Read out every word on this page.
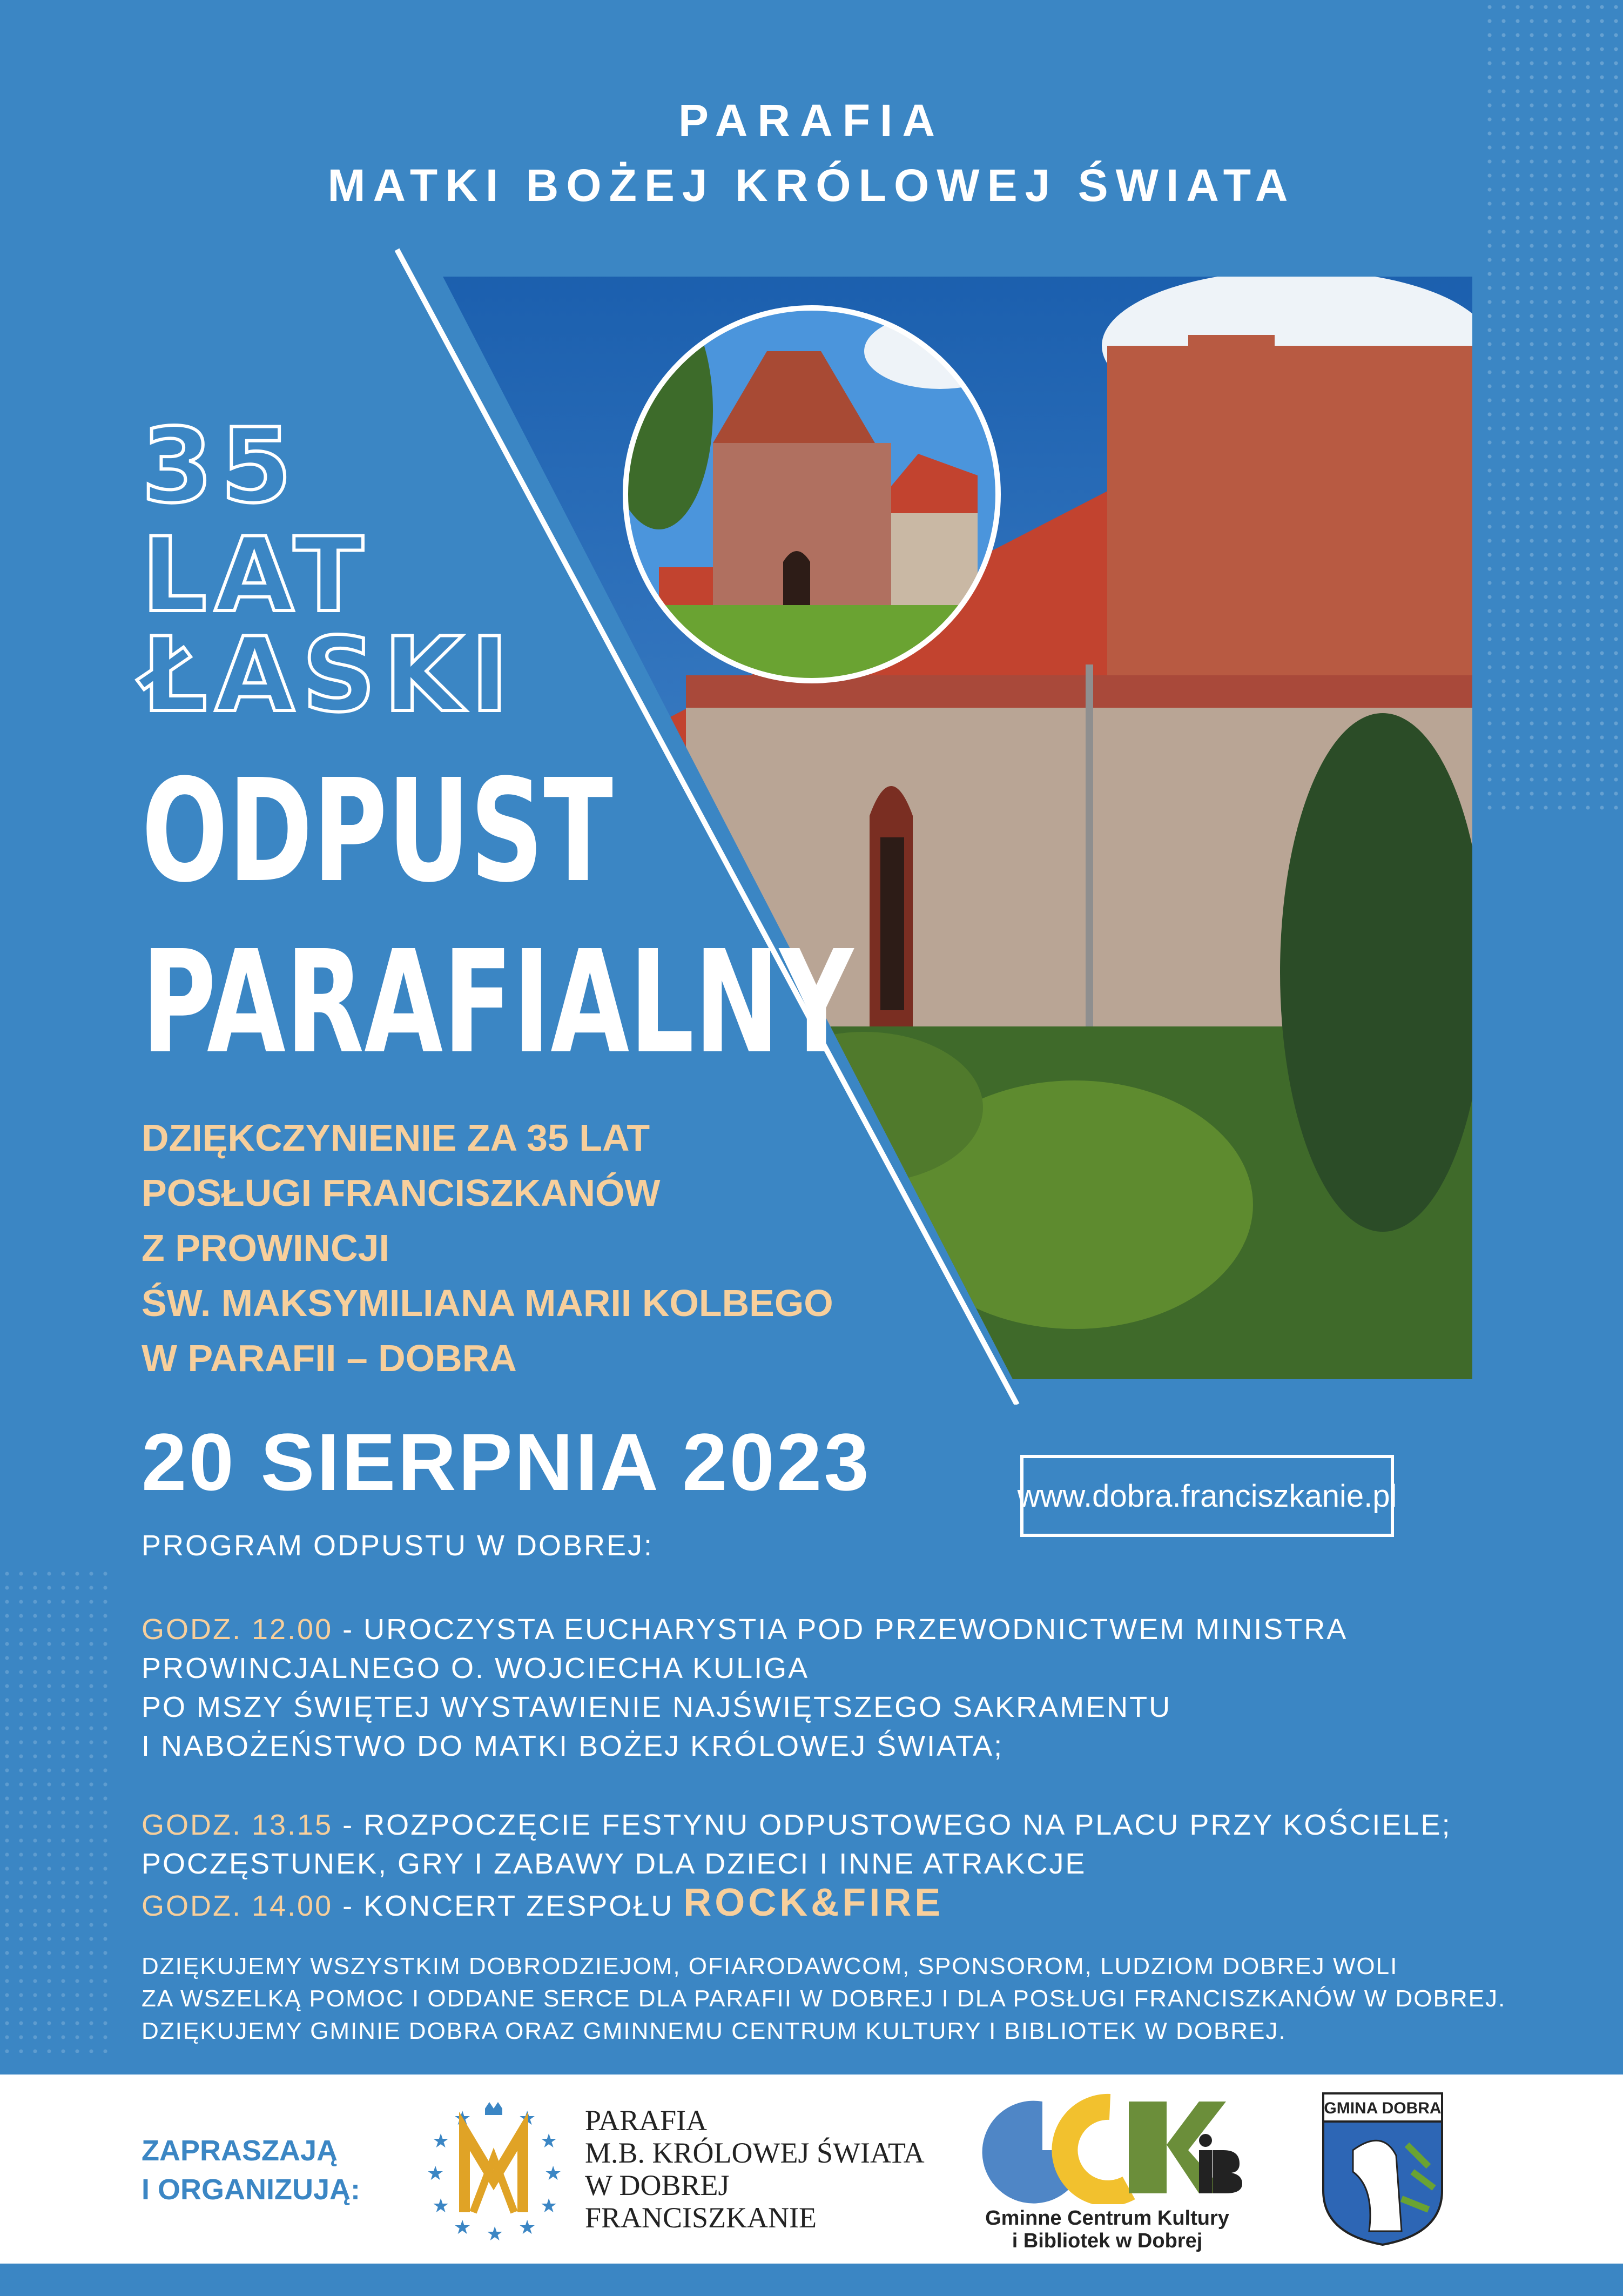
PARAFIA
MATKI BOŻEJ KRÓLOWEJ ŚWIATA
35
LAT
ŁASKI
ODPUST
PARAFIALNY
DZIĘKCZYNIENIE ZA 35 LAT
POSŁUGI FRANCISZKANÓW
Z PROWINCJI
ŚW. MAKSYMILIANA MARII KOLBEGO
W PARAFII – DOBRA
20 SIERPNIA 2023	www.dobra.franciszkanie.pl
PROGRAM ODPUSTU W DOBREJ:
GODZ. 12.00 - UROCZYSTA EUCHARYSTIA POD PRZEWODNICTWEM MINISTRA
PROWINCJALNEGO O. WOJCIECHA KULIGA
PO MSZY ŚWIĘTEJ WYSTAWIENIE NAJŚWIĘTSZEGO SAKRAMENTU
I NABOŻEŃSTWO DO MATKI BOŻEJ KRÓLOWEJ ŚWIATA;
GODZ. 13.15 - ROZPOCZĘCIE FESTYNU ODPUSTOWEGO NA PLACU PRZY KOŚCIELE;
POCZĘSTUNEK, GRY I ZABAWY DLA DZIECI I INNE ATRAKCJE
GODZ. 14.00 - KONCERT ZESPOŁU ROCK&FIRE
DZIĘKUJEMY WSZYSTKIM DOBRODZIEJOM, OFIARODAWCOM, SPONSOROM, LUDZIOM DOBREJ WOLI
ZA WSZELKĄ POMOC I ODDANE SERCE DLA PARAFII W DOBREJ I DLA POSŁUGI FRANCISZKANÓW W DOBREJ.
DZIĘKUJEMY GMINIE DOBRA ORAZ GMINNEMU CENTRUM KULTURY I BIBLIOTEK W DOBREJ.
ZAPRASZAJĄ
I ORGANIZUJĄ:
★
★
★
★ ★ ★
★
★
★
★ ★ PARAFIA
M.B. KRÓLOWEJ ŚWIATA
W DOBREJ
FRANCISZKANIE	Gminne Centrum Kultury
i Bibliotek w Dobrej
GMINA DOBRA
